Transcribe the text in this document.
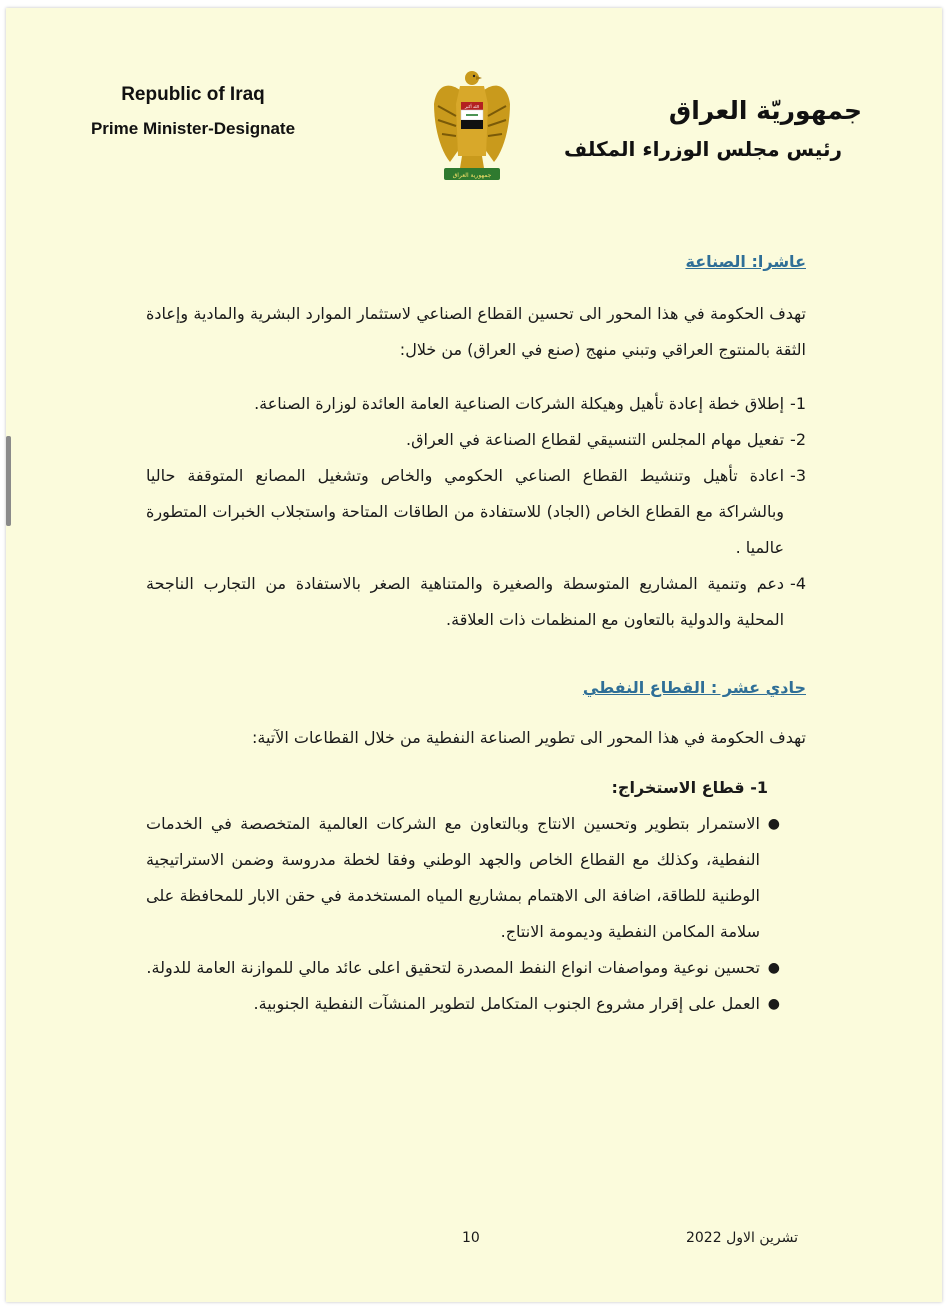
Republic of Iraq
Prime Minister-Designate
الله أكبر
جمهورية العراق
جمهوريّة العراق
رئيس مجلس الوزراء المكلف
عاشرا: الصناعة

تهدف الحكومة في هذا المحور الى تحسين القطاع الصناعي لاستثمار الموارد البشرية والمادية وإعادة الثقة بالمنتوج العراقي وتبني منهج (صنع في العراق) من خلال:

1-
إطلاق خطة إعادة تأهيل وهيكلة الشركات الصناعية العامة العائدة لوزارة الصناعة.
2-
تفعيل مهام المجلس التنسيقي لقطاع الصناعة في العراق.
3-
اعادة تأهيل وتنشيط القطاع الصناعي الحكومي والخاص وتشغيل المصانع المتوقفة حاليا وبالشراكة مع القطاع الخاص (الجاد) للاستفادة من الطاقات المتاحة واستجلاب الخبرات المتطورة عالميا .
4-
دعم وتنمية المشاريع المتوسطة والصغيرة والمتناهية الصغر بالاستفادة من التجارب الناجحة المحلية والدولية بالتعاون مع المنظمات ذات العلاقة.
حادي عشر : القطاع النفطي

تهدف الحكومة في هذا المحور الى تطوير الصناعة النفطية من خلال القطاعات الآتية:

1- قطاع الاستخراج:
●
الاستمرار بتطوير وتحسين الانتاج وبالتعاون مع الشركات العالمية المتخصصة في الخدمات النفطية، وكذلك مع القطاع الخاص والجهد الوطني وفقا لخطة مدروسة وضمن الاستراتيجية الوطنية للطاقة، اضافة الى الاهتمام بمشاريع المياه المستخدمة في حقن الابار للمحافظة على سلامة المكامن النفطية وديمومة الانتاج.
●
تحسين نوعية ومواصفات انواع النفط المصدرة لتحقيق اعلى عائد مالي للموازنة العامة للدولة.
●
العمل على إقرار مشروع الجنوب المتكامل لتطوير المنشآت النفطية الجنوبية.
10	تشرين الاول 2022
